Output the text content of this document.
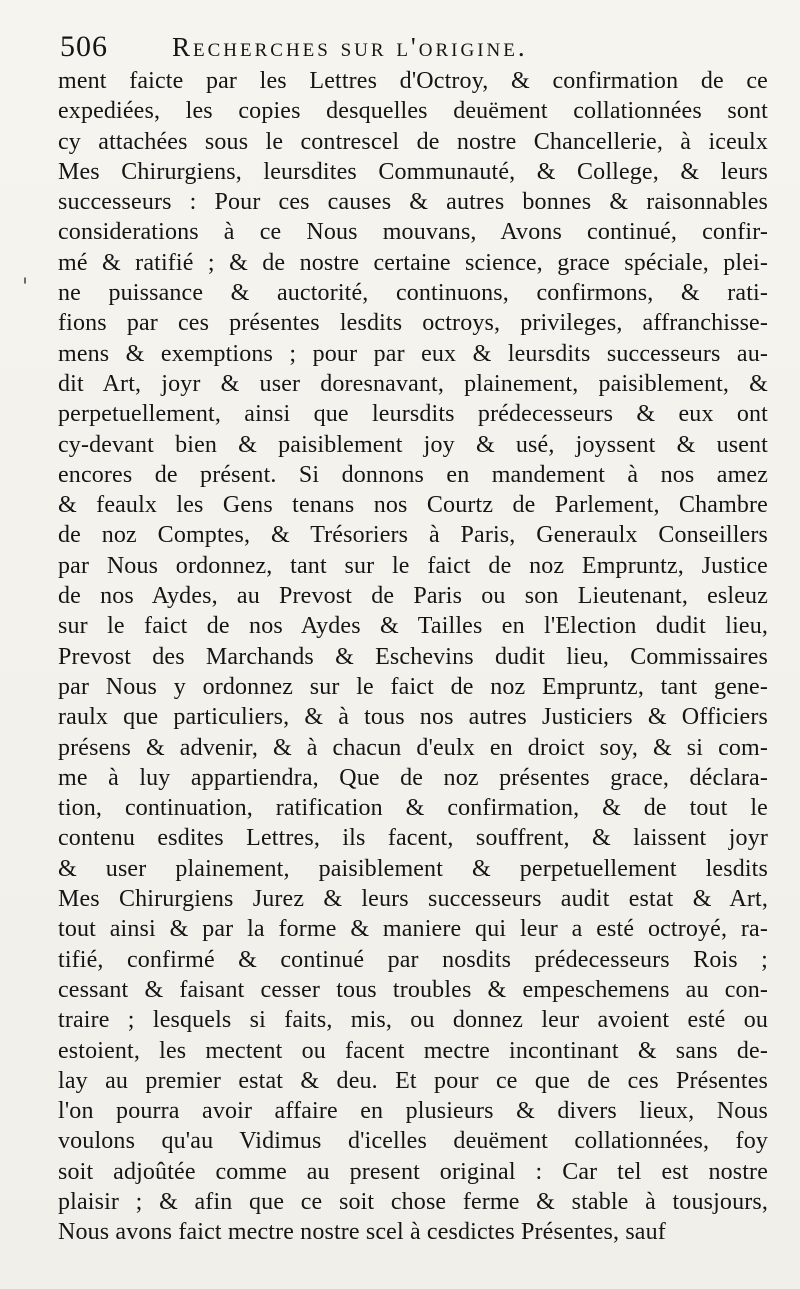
506 Recherches sur l'origine.
'
ment faicte par les Lettres d'Octroy, & confirmation de ce
expediées, les copies desquelles deuëment collationnées sont
cy attachées sous le contrescel de nostre Chancellerie, à iceulx
Mes Chirurgiens, leursdites Communauté, & College, & leurs
successeurs : Pour ces causes & autres bonnes & raisonnables
considerations à ce Nous mouvans, Avons continué, confir-
mé & ratifié ; & de nostre certaine science, grace spéciale, plei-
ne puissance & auctorité, continuons, confirmons, & rati-
fions par ces présentes lesdits octroys, privileges, affranchisse-
mens & exemptions ; pour par eux & leursdits successeurs au-
dit Art, joyr & user doresnavant, plainement, paisiblement, &
perpetuellement, ainsi que leursdits prédecesseurs & eux ont
cy-devant bien & paisiblement joy & usé, joyssent & usent
encores de présent. Si donnons en mandement à nos amez
& feaulx les Gens tenans nos Courtz de Parlement, Chambre
de noz Comptes, & Trésoriers à Paris, Generaulx Conseillers
par Nous ordonnez, tant sur le faict de noz Empruntz, Justice
de nos Aydes, au Prevost de Paris ou son Lieutenant, esleuz
sur le faict de nos Aydes & Tailles en l'Election dudit lieu,
Prevost des Marchands & Eschevins dudit lieu, Commissaires
par Nous y ordonnez sur le faict de noz Empruntz, tant gene-
raulx que particuliers, & à tous nos autres Justiciers & Officiers
présens & advenir, & à chacun d'eulx en droict soy, & si com-
me à luy appartiendra, Que de noz présentes grace, déclara-
tion, continuation, ratification & confirmation, & de tout le
contenu esdites Lettres, ils facent, souffrent, & laissent joyr
& user plainement, paisiblement & perpetuellement lesdits
Mes Chirurgiens Jurez & leurs successeurs audit estat & Art,
tout ainsi & par la forme & maniere qui leur a esté octroyé, ra-
tifié, confirmé & continué par nosdits prédecesseurs Rois ;
cessant & faisant cesser tous troubles & empeschemens au con-
traire ; lesquels si faits, mis, ou donnez leur avoient esté ou
estoient, les mectent ou facent mectre incontinant & sans de-
lay au premier estat & deu. Et pour ce que de ces Présentes
l'on pourra avoir affaire en plusieurs & divers lieux, Nous
voulons qu'au Vidimus d'icelles deuëment collationnées, foy
soit adjoûtée comme au present original : Car tel est nostre
plaisir ; & afin que ce soit chose ferme & stable à tousjours,
Nous avons faict mectre nostre scel à cesdictes Présentes, sauf
